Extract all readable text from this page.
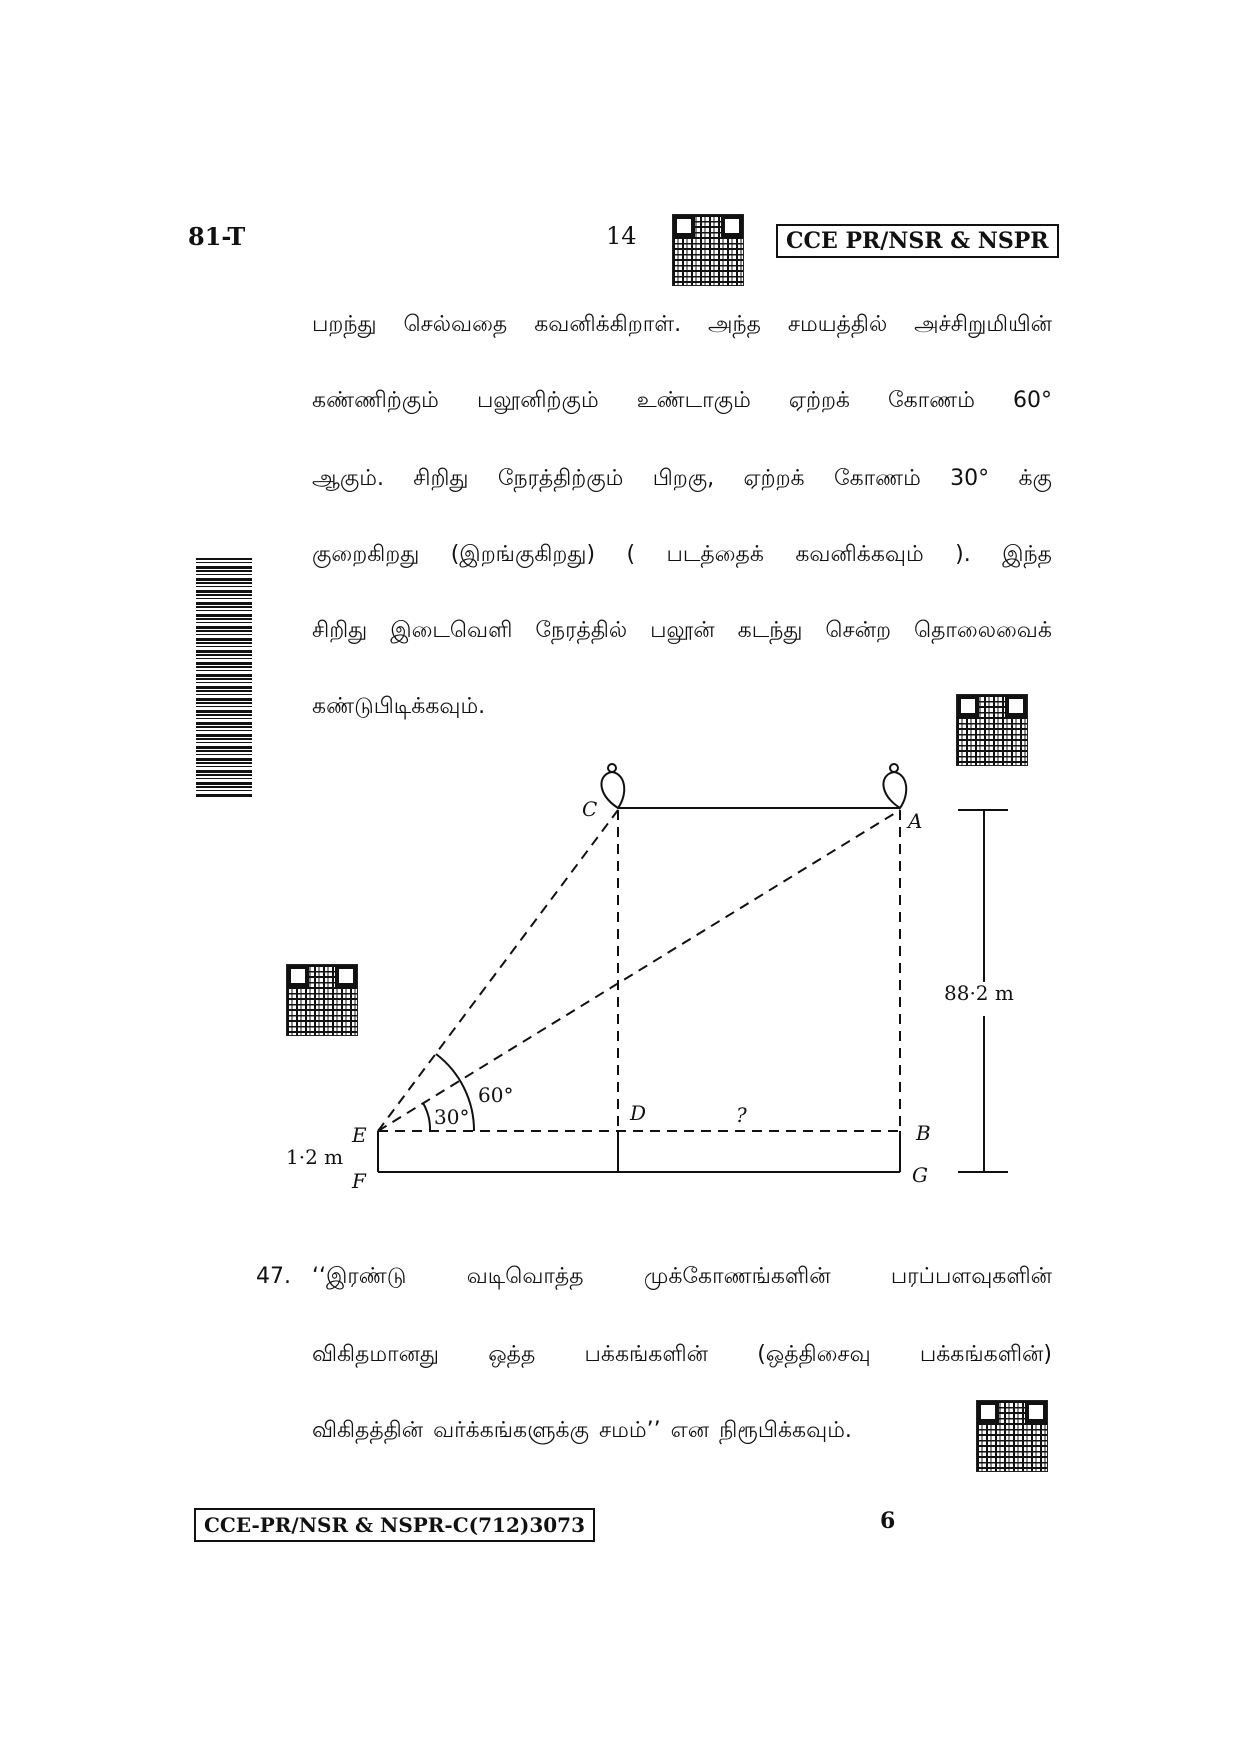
81-T	14	CCE PR/NSR & NSPR
பறந்து செல்வதை கவனிக்கிறாள். அந்த சமயத்தில் அச்சிறுமியின்
கண்ணிற்கும் பலூனிற்கும் உண்டாகும் ஏற்றக் கோணம் 60°
ஆகும். சிறிது நேரத்திற்கும் பிறகு, ஏற்றக் கோணம் 30° க்கு
குறைகிறது (இறங்குகிறது) ( படத்தைக் கவனிக்கவும் ). இந்த
சிறிது இடைவெளி நேரத்தில் பலூன் கடந்து சென்ற தொலைவைக்
கண்டுபிடிக்கவும்.
C	A
D
B
E
F	G
?
60°
30°
88·2 m
1·2 m
47. ‘‘இரண்டு	வடிவொத்த	முக்கோணங்களின்	பரப்பளவுகளின்
விகிதமானது ஒத்த பக்கங்களின் (ஒத்திசைவு பக்கங்களின்)
விகிதத்தின் வர்க்கங்களுக்கு சமம்’’ என நிரூபிக்கவும்.
CCE-PR/NSR & NSPR-C(712)3073	6
